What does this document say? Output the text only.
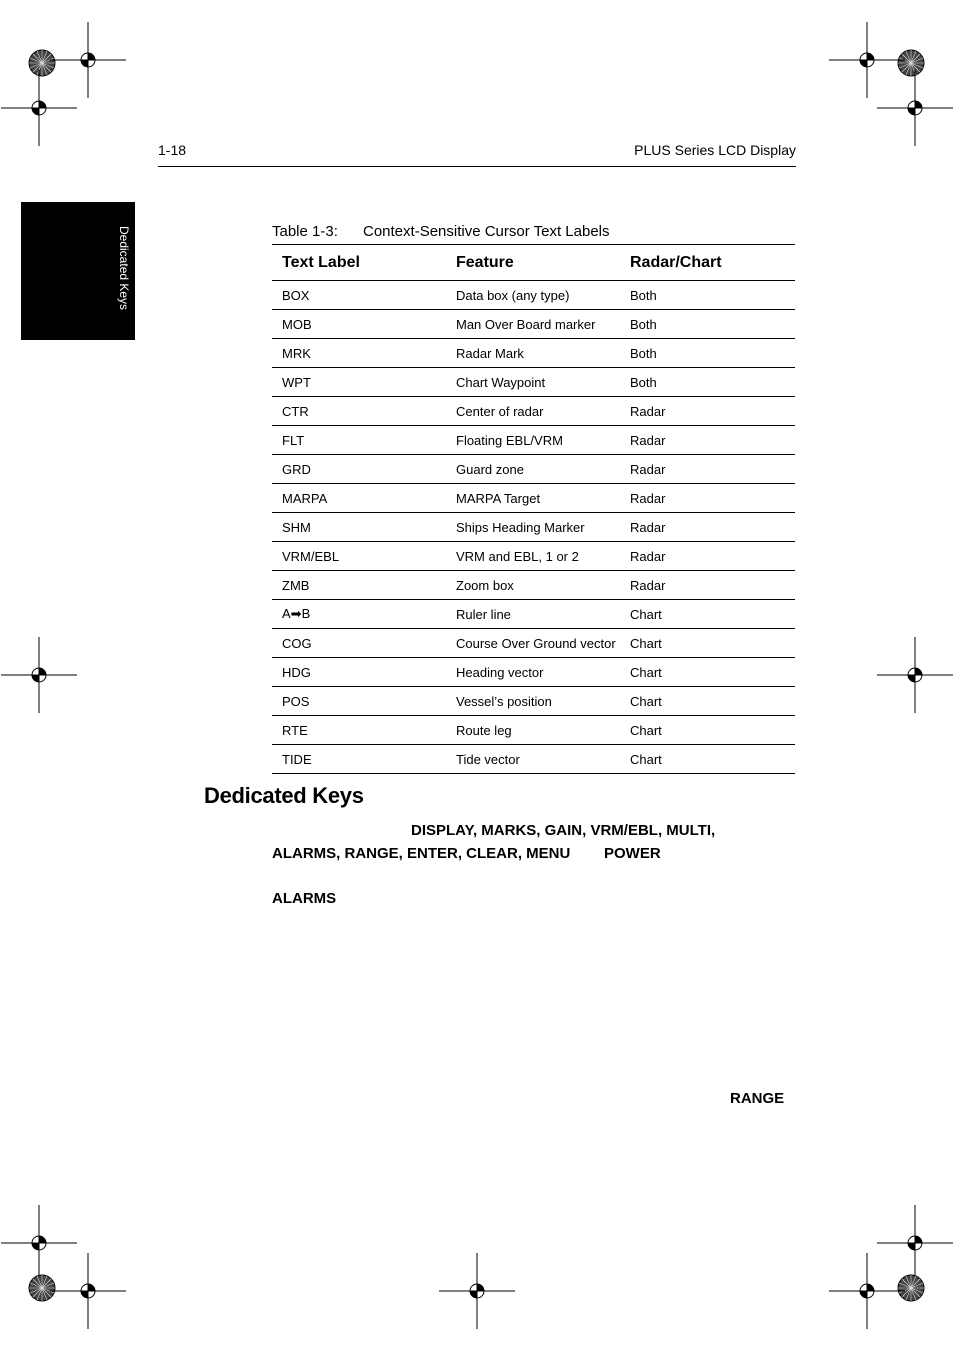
1-18	PLUS Series LCD Display
Dedicated Keys	Table 1-3: Context-Sensitive Cursor Text Labels
Text Label	Feature	Radar/Chart
BOX	Data box (any type)	Both
MOB	Man Over Board marker	Both
MRK	Radar Mark	Both
WPT	Chart Waypoint	Both
CTR	Center of radar	Radar
FLT	Floating EBL/VRM	Radar
GRD	Guard zone	Radar
MARPA	MARPA Target	Radar
SHM	Ships Heading Marker	Radar
VRM/EBL	VRM and EBL, 1 or 2	Radar
ZMB	Zoom box	Radar
A➡B	Ruler line	Chart
COG	Course Over Ground vector	Chart
HDG	Heading vector	Chart
POS	Vessel’s position	Chart
RTE	Route leg	Chart
TIDE	Tide vector	Chart
Dedicated Keys
DISPLAY, MARKS, GAIN, VRM/EBL, MULTI,
ALARMS, RANGE, ENTER, CLEAR, MENU POWER
ALARMS
RANGE
